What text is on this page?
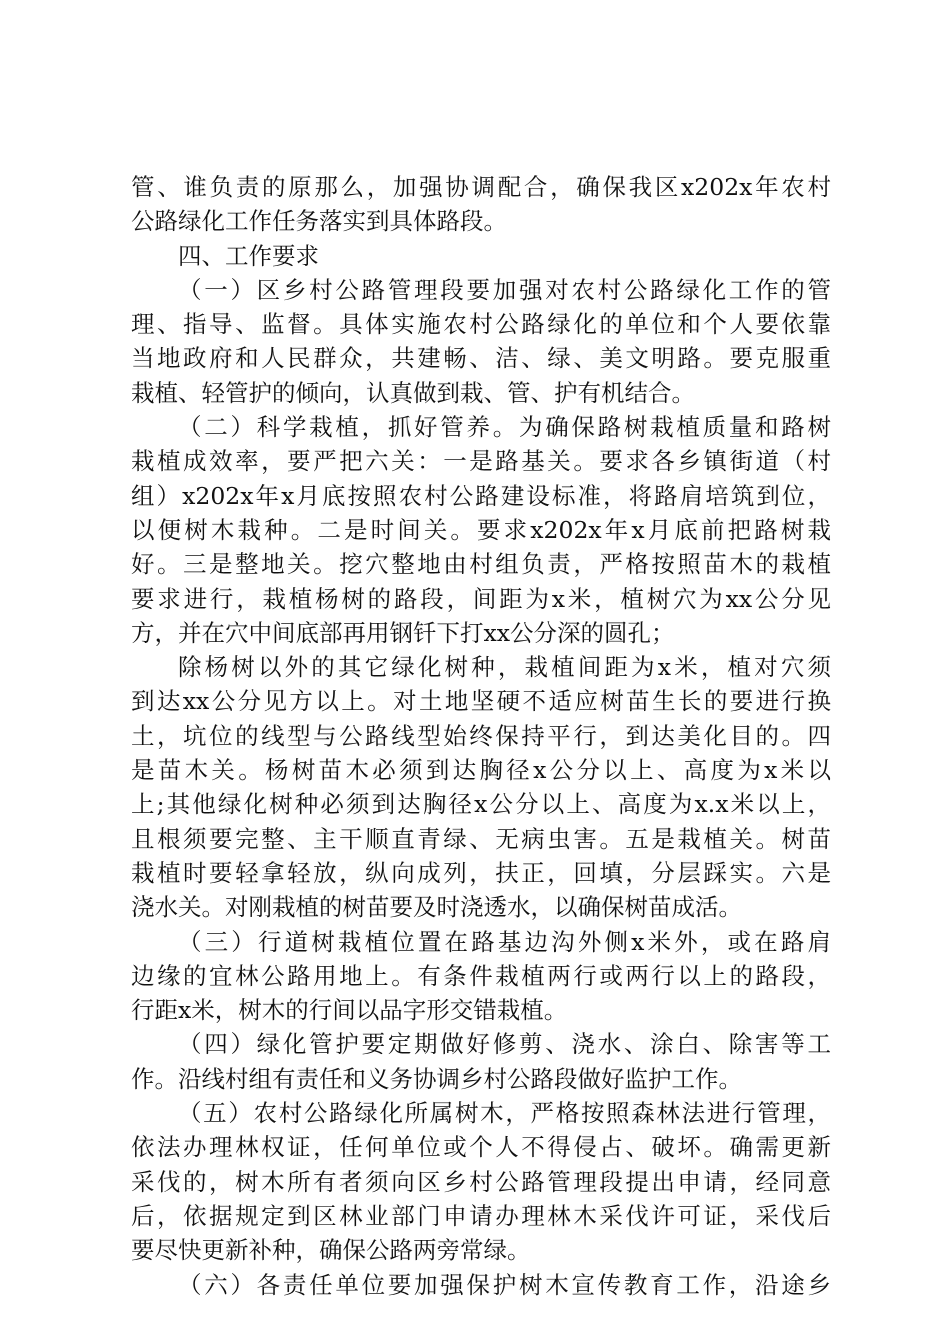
管、谁负责的原那么，加强协调配合，确保我区x202x年农村
公路绿化工作任务落实到具体路段。
四、工作要求
（一）区乡村公路管理段要加强对农村公路绿化工作的管
理、指导、监督。具体实施农村公路绿化的单位和个人要依靠
当地政府和人民群众，共建畅、洁、绿、美文明路。要克服重
栽植、轻管护的倾向，认真做到栽、管、护有机结合。
（二）科学栽植，抓好管养。为确保路树栽植质量和路树
栽植成效率，要严把六关：一是路基关。要求各乡镇街道（村
组）x202x年x月底按照农村公路建设标准，将路肩培筑到位，
以便树木栽种。二是时间关。要求x202x年x月底前把路树栽
好。三是整地关。挖穴整地由村组负责，严格按照苗木的栽植
要求进行，栽植杨树的路段，间距为x米，植树穴为xx公分见
方，并在穴中间底部再用钢钎下打xx公分深的圆孔；
除杨树以外的其它绿化树种，栽植间距为x米，植对穴须
到达xx公分见方以上。对土地坚硬不适应树苗生长的要进行换
土，坑位的线型与公路线型始终保持平行，到达美化目的。四
是苗木关。杨树苗木必须到达胸径x公分以上、高度为x米以
上;其他绿化树种必须到达胸径x公分以上、高度为x.x米以上，
且根须要完整、主干顺直青绿、无病虫害。五是栽植关。树苗
栽植时要轻拿轻放，纵向成列，扶正，回填，分层踩实。六是
浇水关。对刚栽植的树苗要及时浇透水，以确保树苗成活。
（三）行道树栽植位置在路基边沟外侧x米外，或在路肩
边缘的宜林公路用地上。有条件栽植两行或两行以上的路段，
行距x米，树木的行间以品字形交错栽植。
（四）绿化管护要定期做好修剪、浇水、涂白、除害等工
作。沿线村组有责任和义务协调乡村公路段做好监护工作。
（五）农村公路绿化所属树木，严格按照森林法进行管理，
依法办理林权证，任何单位或个人不得侵占、破坏。确需更新
采伐的，树木所有者须向区乡村公路管理段提出申请，经同意
后，依据规定到区林业部门申请办理林木采伐许可证，采伐后
要尽快更新补种，确保公路两旁常绿。
（六）各责任单位要加强保护树木宣传教育工作，沿途乡
